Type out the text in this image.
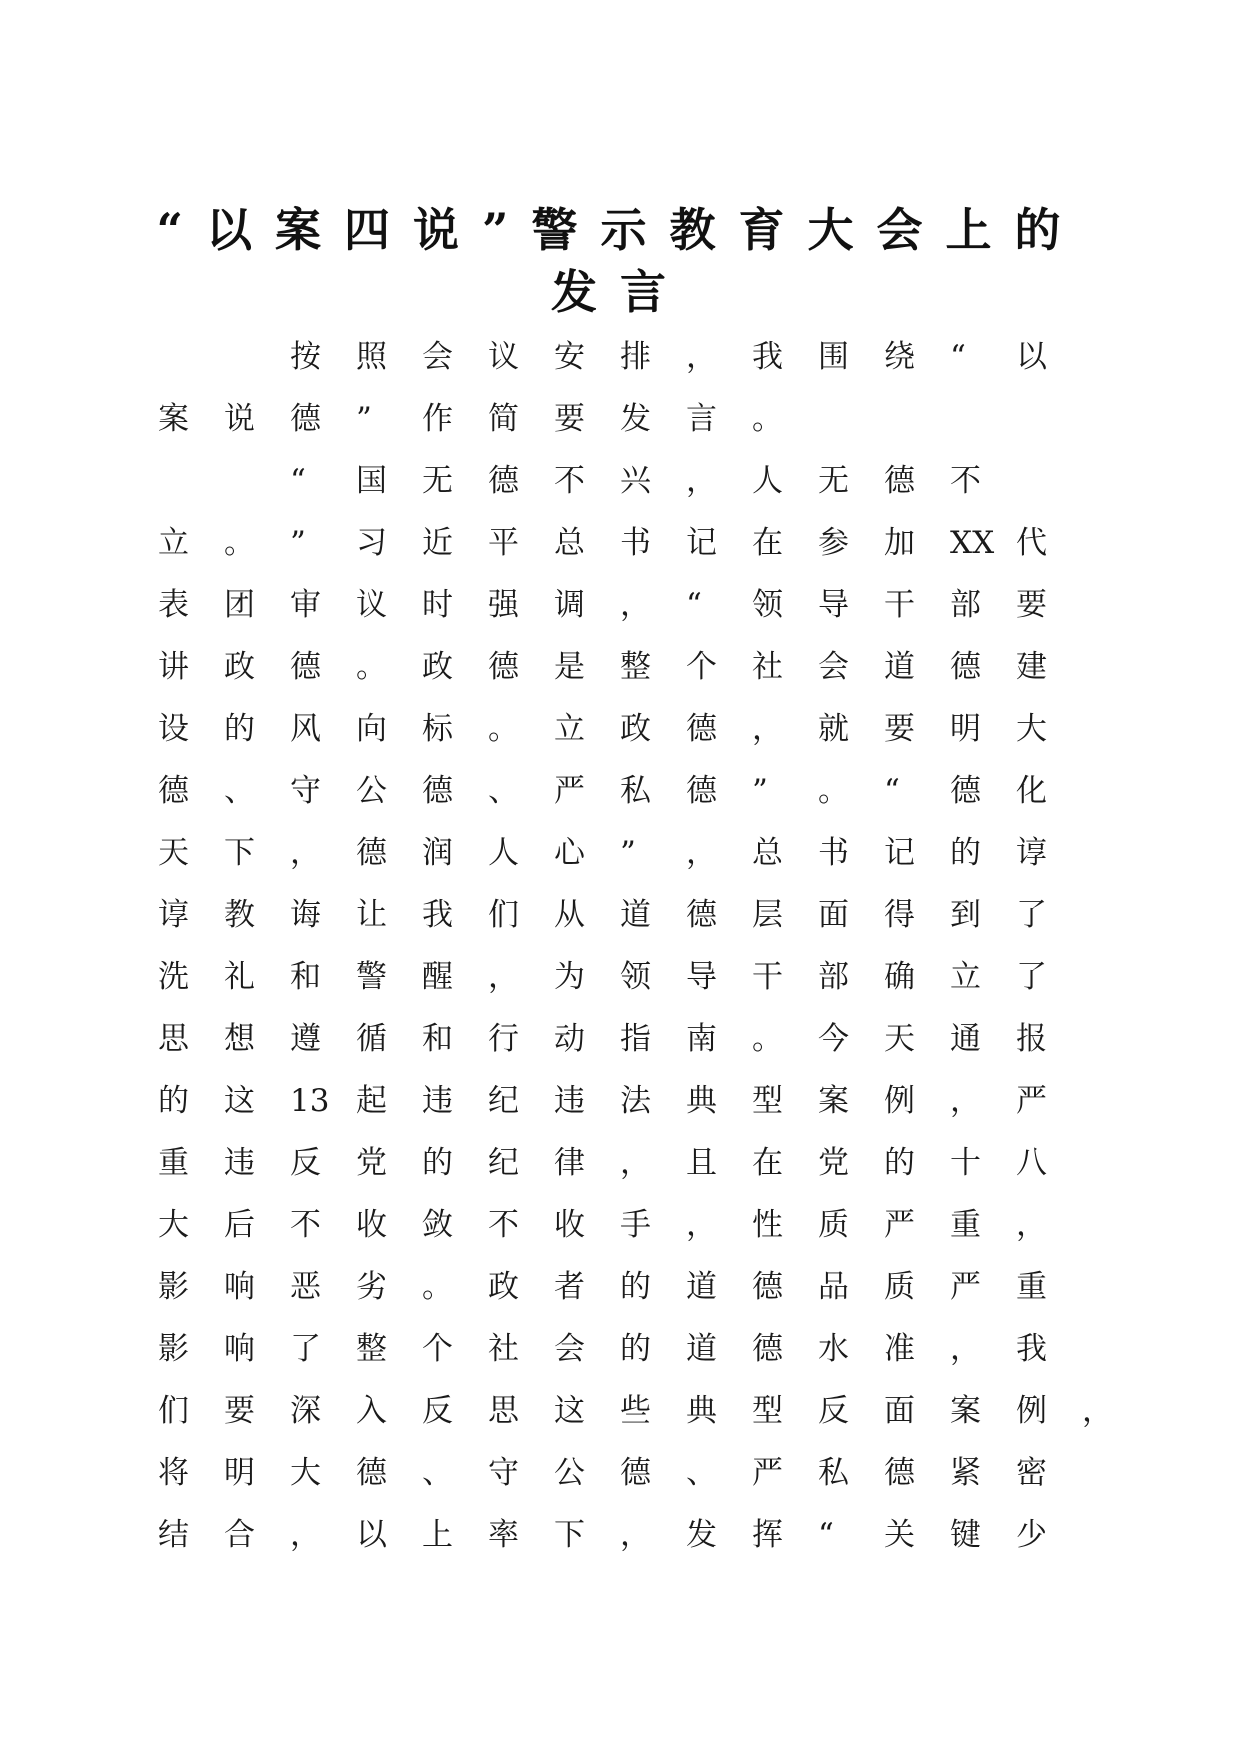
“以案四说”警示教育大会上的
发言
按 照 会 议 安 排 ， 我 围 绕 “ 以
案 说 德 ” 作 简 要 发 言 。
“ 国 无 德 不 兴 ， 人 无 德 不
立 。 ” 习 近 平 总 书 记 在 参 加 XX 代
表 团 审 议 时 强 调 ， “ 领 导 干 部 要
讲 政 德 。 政 德 是 整 个 社 会 道 德 建
设 的 风 向 标 。 立 政 德 ， 就 要 明 大
德 、 守 公 德 、 严 私 德 ” 。 “ 德 化
天 下 ， 德 润 人 心 ” ， 总 书 记 的 谆
谆 教 诲 让 我 们 从 道 德 层 面 得 到 了
洗 礼 和 警 醒 ， 为 领 导 干 部 确 立 了
思 想 遵 循 和 行 动 指 南 。 今 天 通 报
的 这 13 起 违 纪 违 法 典 型 案 例 ， 严
重 违 反 党 的 纪 律 ， 且 在 党 的 十 八
大 后 不 收 敛 不 收 手 ， 性 质 严 重 ，
影 响 恶 劣 。 政 者 的 道 德 品 质 严 重
影 响 了 整 个 社 会 的 道 德 水 准 ， 我
们 要 深 入 反 思 这 些 典 型 反 面 案 例 ，
将 明 大 德 、 守 公 德 、 严 私 德 紧 密
结 合 ， 以 上 率 下 ， 发 挥 “ 关 键 少
